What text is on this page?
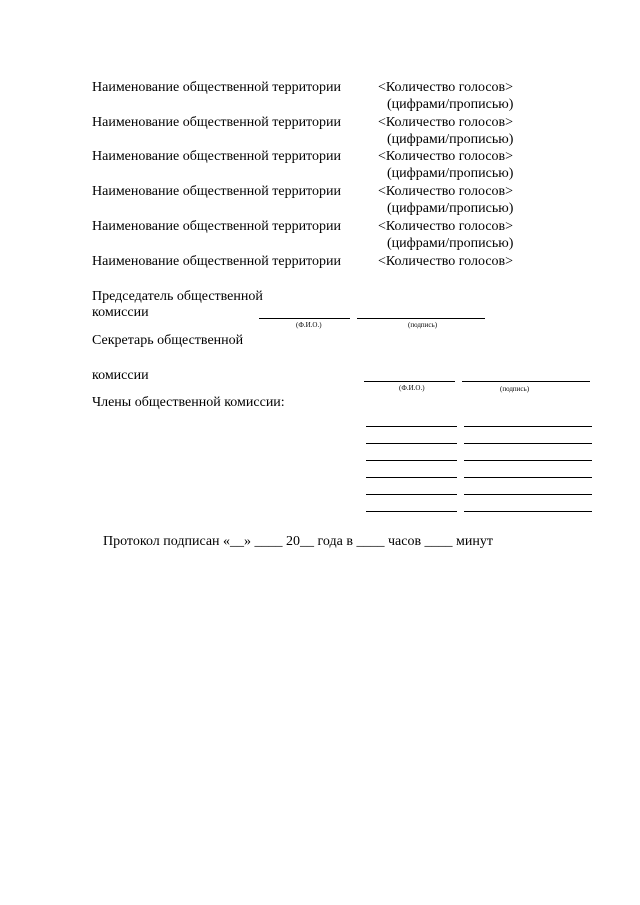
Наименование общественной территории	<Количество голосов>
(цифрами/прописью)
Наименование общественной территории	<Количество голосов>
(цифрами/прописью)
Наименование общественной территории	<Количество голосов>
(цифрами/прописью)
Наименование общественной территории	<Количество голосов>
(цифрами/прописью)
Наименование общественной территории	<Количество голосов>
(цифрами/прописью)
Наименование общественной территории	<Количество голосов>
Председатель общественной
комиссии
(Ф.И.О.)	(подпись)
Секретарь общественной
комиссии
(Ф.И.О.)	(подпись)
Члены общественной комиссии:
Протокол подписан «__» ____ 20__ года в ____ часов ____ минут
